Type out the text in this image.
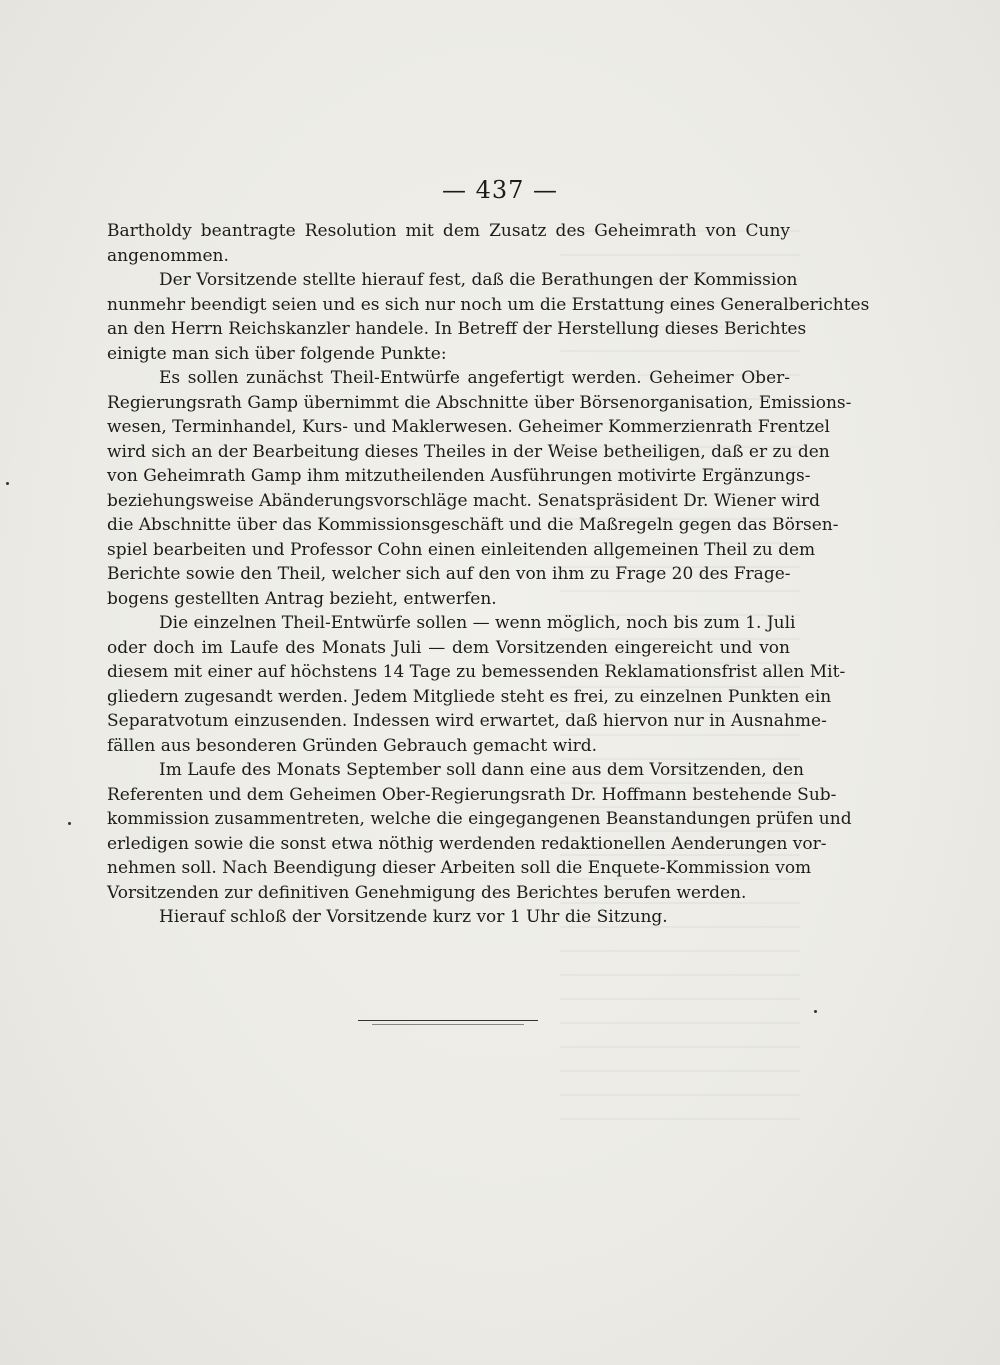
— 437 —
Bartholdy beantragte Resolution mit dem Zusatz des Geheimrath von Cuny
angenommen.
Der Vorsitzende stellte hierauf fest, daß die Berathungen der Kommission
nunmehr beendigt seien und es sich nur noch um die Erstattung eines Generalberichtes
an den Herrn Reichskanzler handele. In Betreff der Herstellung dieses Berichtes
einigte man sich über folgende Punkte:
Es sollen zunächst Theil-Entwürfe angefertigt werden. Geheimer Ober-
Regierungsrath Gamp übernimmt die Abschnitte über Börsenorganisation, Emissions-
wesen, Terminhandel, Kurs- und Maklerwesen. Geheimer Kommerzienrath Frentzel
wird sich an der Bearbeitung dieses Theiles in der Weise betheiligen, daß er zu den
von Geheimrath Gamp ihm mitzutheilenden Ausführungen motivirte Ergänzungs-
beziehungsweise Abänderungsvorschläge macht. Senatspräsident Dr. Wiener wird
die Abschnitte über das Kommissionsgeschäft und die Maßregeln gegen das Börsen-
spiel bearbeiten und Professor Cohn einen einleitenden allgemeinen Theil zu dem
Berichte sowie den Theil, welcher sich auf den von ihm zu Frage 20 des Frage-
bogens gestellten Antrag bezieht, entwerfen.
Die einzelnen Theil-Entwürfe sollen — wenn möglich, noch bis zum 1. Juli
oder doch im Laufe des Monats Juli — dem Vorsitzenden eingereicht und von
diesem mit einer auf höchstens 14 Tage zu bemessenden Reklamationsfrist allen Mit-
gliedern zugesandt werden. Jedem Mitgliede steht es frei, zu einzelnen Punkten ein
Separatvotum einzusenden. Indessen wird erwartet, daß hiervon nur in Ausnahme-
fällen aus besonderen Gründen Gebrauch gemacht wird.
Im Laufe des Monats September soll dann eine aus dem Vorsitzenden, den
Referenten und dem Geheimen Ober-Regierungsrath Dr. Hoffmann bestehende Sub-
kommission zusammentreten, welche die eingegangenen Beanstandungen prüfen und
erledigen sowie die sonst etwa nöthig werdenden redaktionellen Aenderungen vor-
nehmen soll. Nach Beendigung dieser Arbeiten soll die Enquete-Kommission vom
Vorsitzenden zur definitiven Genehmigung des Berichtes berufen werden.
Hierauf schloß der Vorsitzende kurz vor 1 Uhr die Sitzung.
